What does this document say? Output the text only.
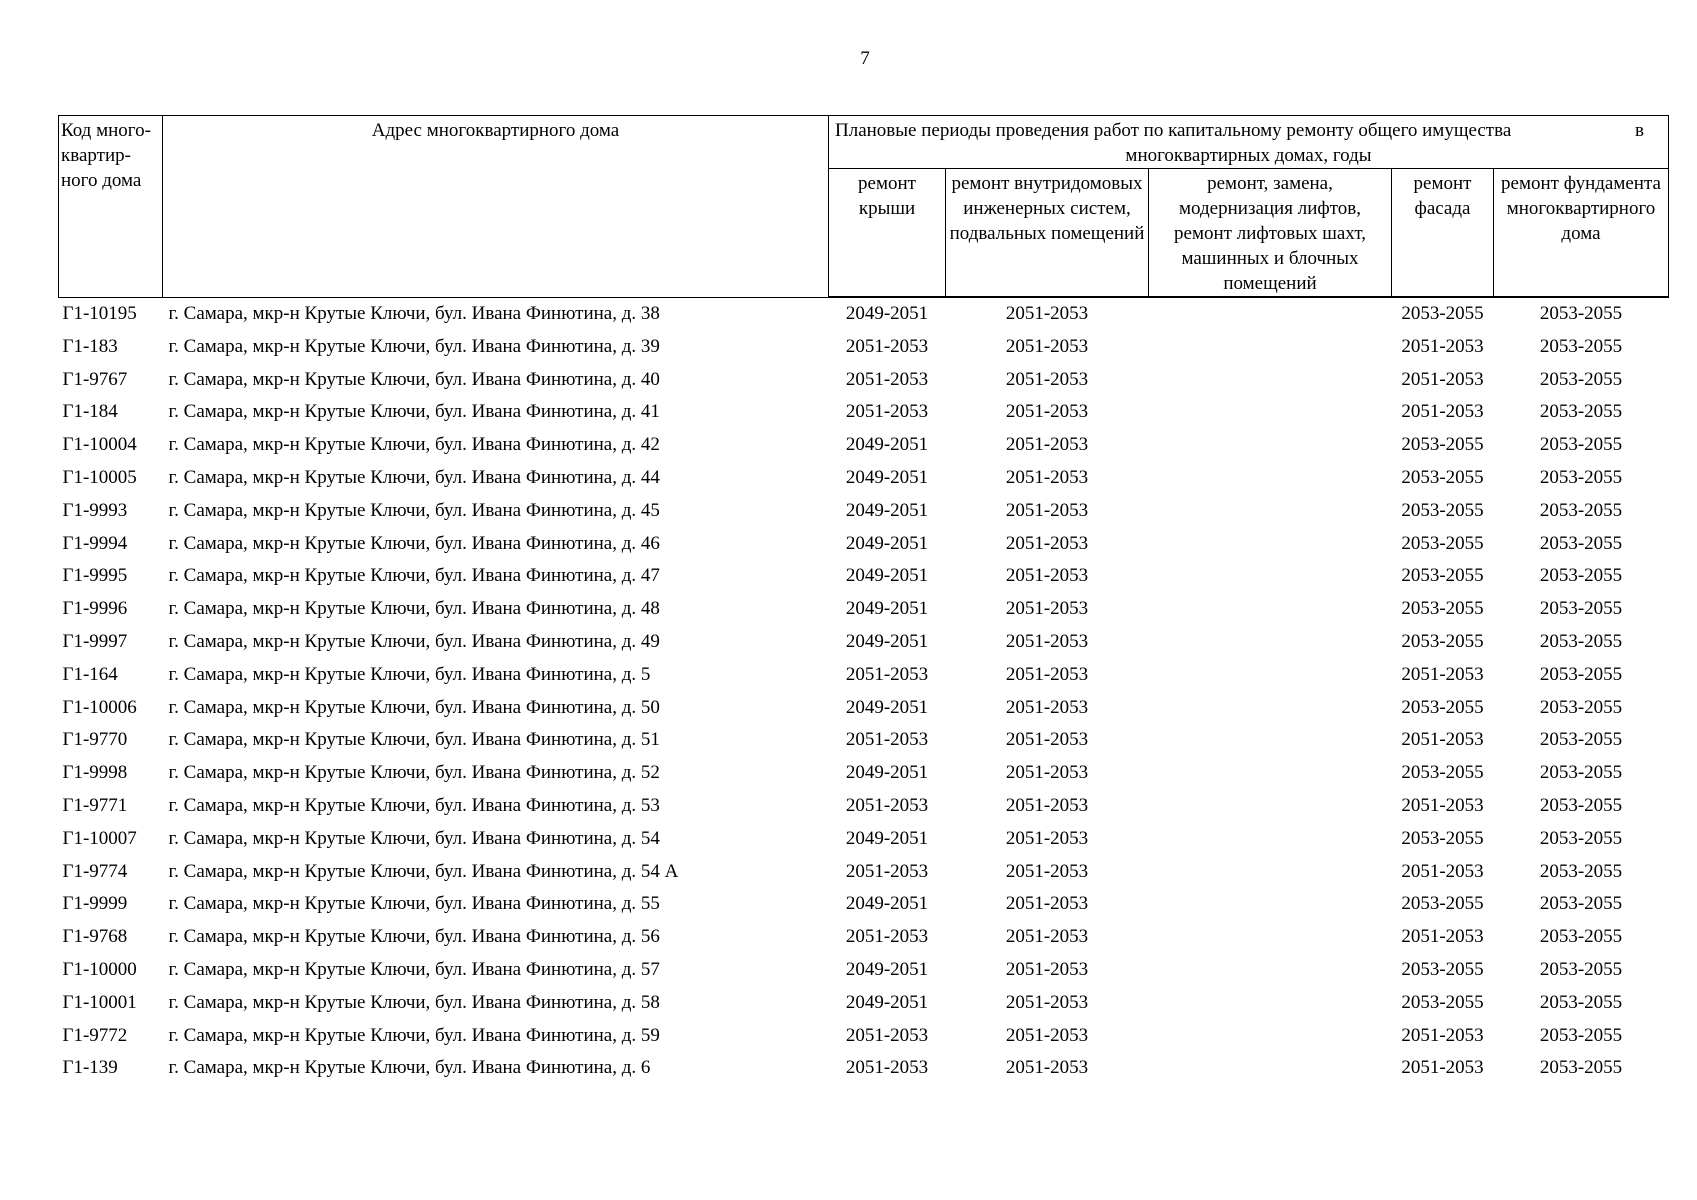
7
Код много-квартир-ного дома	Адрес многоквартирного дома	Плановые периоды проведения работ по капитальному ремонту общего имущества в
многоквартирных домах, годы				

		ремонт крыши	ремонт внутридомовых инженерных систем, подвальных помещений	ремонт, замена, модернизация лифтов, ремонт лифтовых шахт, машинных и блочных помещений	ремонт фасада	ремонт фундамента многоквартирного дома
Г1-10195	г. Самара, мкр-н Крутые Ключи, бул. Ивана Финютина, д. 38	2049-2051	2051-2053		2053-2055	2053-2055
Г1-183	г. Самара, мкр-н Крутые Ключи, бул. Ивана Финютина, д. 39	2051-2053	2051-2053		2051-2053	2053-2055
Г1-9767	г. Самара, мкр-н Крутые Ключи, бул. Ивана Финютина, д. 40	2051-2053	2051-2053		2051-2053	2053-2055
Г1-184	г. Самара, мкр-н Крутые Ключи, бул. Ивана Финютина, д. 41	2051-2053	2051-2053		2051-2053	2053-2055
Г1-10004	г. Самара, мкр-н Крутые Ключи, бул. Ивана Финютина, д. 42	2049-2051	2051-2053		2053-2055	2053-2055
Г1-10005	г. Самара, мкр-н Крутые Ключи, бул. Ивана Финютина, д. 44	2049-2051	2051-2053		2053-2055	2053-2055
Г1-9993	г. Самара, мкр-н Крутые Ключи, бул. Ивана Финютина, д. 45	2049-2051	2051-2053		2053-2055	2053-2055
Г1-9994	г. Самара, мкр-н Крутые Ключи, бул. Ивана Финютина, д. 46	2049-2051	2051-2053		2053-2055	2053-2055
Г1-9995	г. Самара, мкр-н Крутые Ключи, бул. Ивана Финютина, д. 47	2049-2051	2051-2053		2053-2055	2053-2055
Г1-9996	г. Самара, мкр-н Крутые Ключи, бул. Ивана Финютина, д. 48	2049-2051	2051-2053		2053-2055	2053-2055
Г1-9997	г. Самара, мкр-н Крутые Ключи, бул. Ивана Финютина, д. 49	2049-2051	2051-2053		2053-2055	2053-2055
Г1-164	г. Самара, мкр-н Крутые Ключи, бул. Ивана Финютина, д. 5	2051-2053	2051-2053		2051-2053	2053-2055
Г1-10006	г. Самара, мкр-н Крутые Ключи, бул. Ивана Финютина, д. 50	2049-2051	2051-2053		2053-2055	2053-2055
Г1-9770	г. Самара, мкр-н Крутые Ключи, бул. Ивана Финютина, д. 51	2051-2053	2051-2053		2051-2053	2053-2055
Г1-9998	г. Самара, мкр-н Крутые Ключи, бул. Ивана Финютина, д. 52	2049-2051	2051-2053		2053-2055	2053-2055
Г1-9771	г. Самара, мкр-н Крутые Ключи, бул. Ивана Финютина, д. 53	2051-2053	2051-2053		2051-2053	2053-2055
Г1-10007	г. Самара, мкр-н Крутые Ключи, бул. Ивана Финютина, д. 54	2049-2051	2051-2053		2053-2055	2053-2055
Г1-9774	г. Самара, мкр-н Крутые Ключи, бул. Ивана Финютина, д. 54 А	2051-2053	2051-2053		2051-2053	2053-2055
Г1-9999	г. Самара, мкр-н Крутые Ключи, бул. Ивана Финютина, д. 55	2049-2051	2051-2053		2053-2055	2053-2055
Г1-9768	г. Самара, мкр-н Крутые Ключи, бул. Ивана Финютина, д. 56	2051-2053	2051-2053		2051-2053	2053-2055
Г1-10000	г. Самара, мкр-н Крутые Ключи, бул. Ивана Финютина, д. 57	2049-2051	2051-2053		2053-2055	2053-2055
Г1-10001	г. Самара, мкр-н Крутые Ключи, бул. Ивана Финютина, д. 58	2049-2051	2051-2053		2053-2055	2053-2055
Г1-9772	г. Самара, мкр-н Крутые Ключи, бул. Ивана Финютина, д. 59	2051-2053	2051-2053		2051-2053	2053-2055
Г1-139	г. Самара, мкр-н Крутые Ключи, бул. Ивана Финютина, д. 6	2051-2053	2051-2053		2051-2053	2053-2055
